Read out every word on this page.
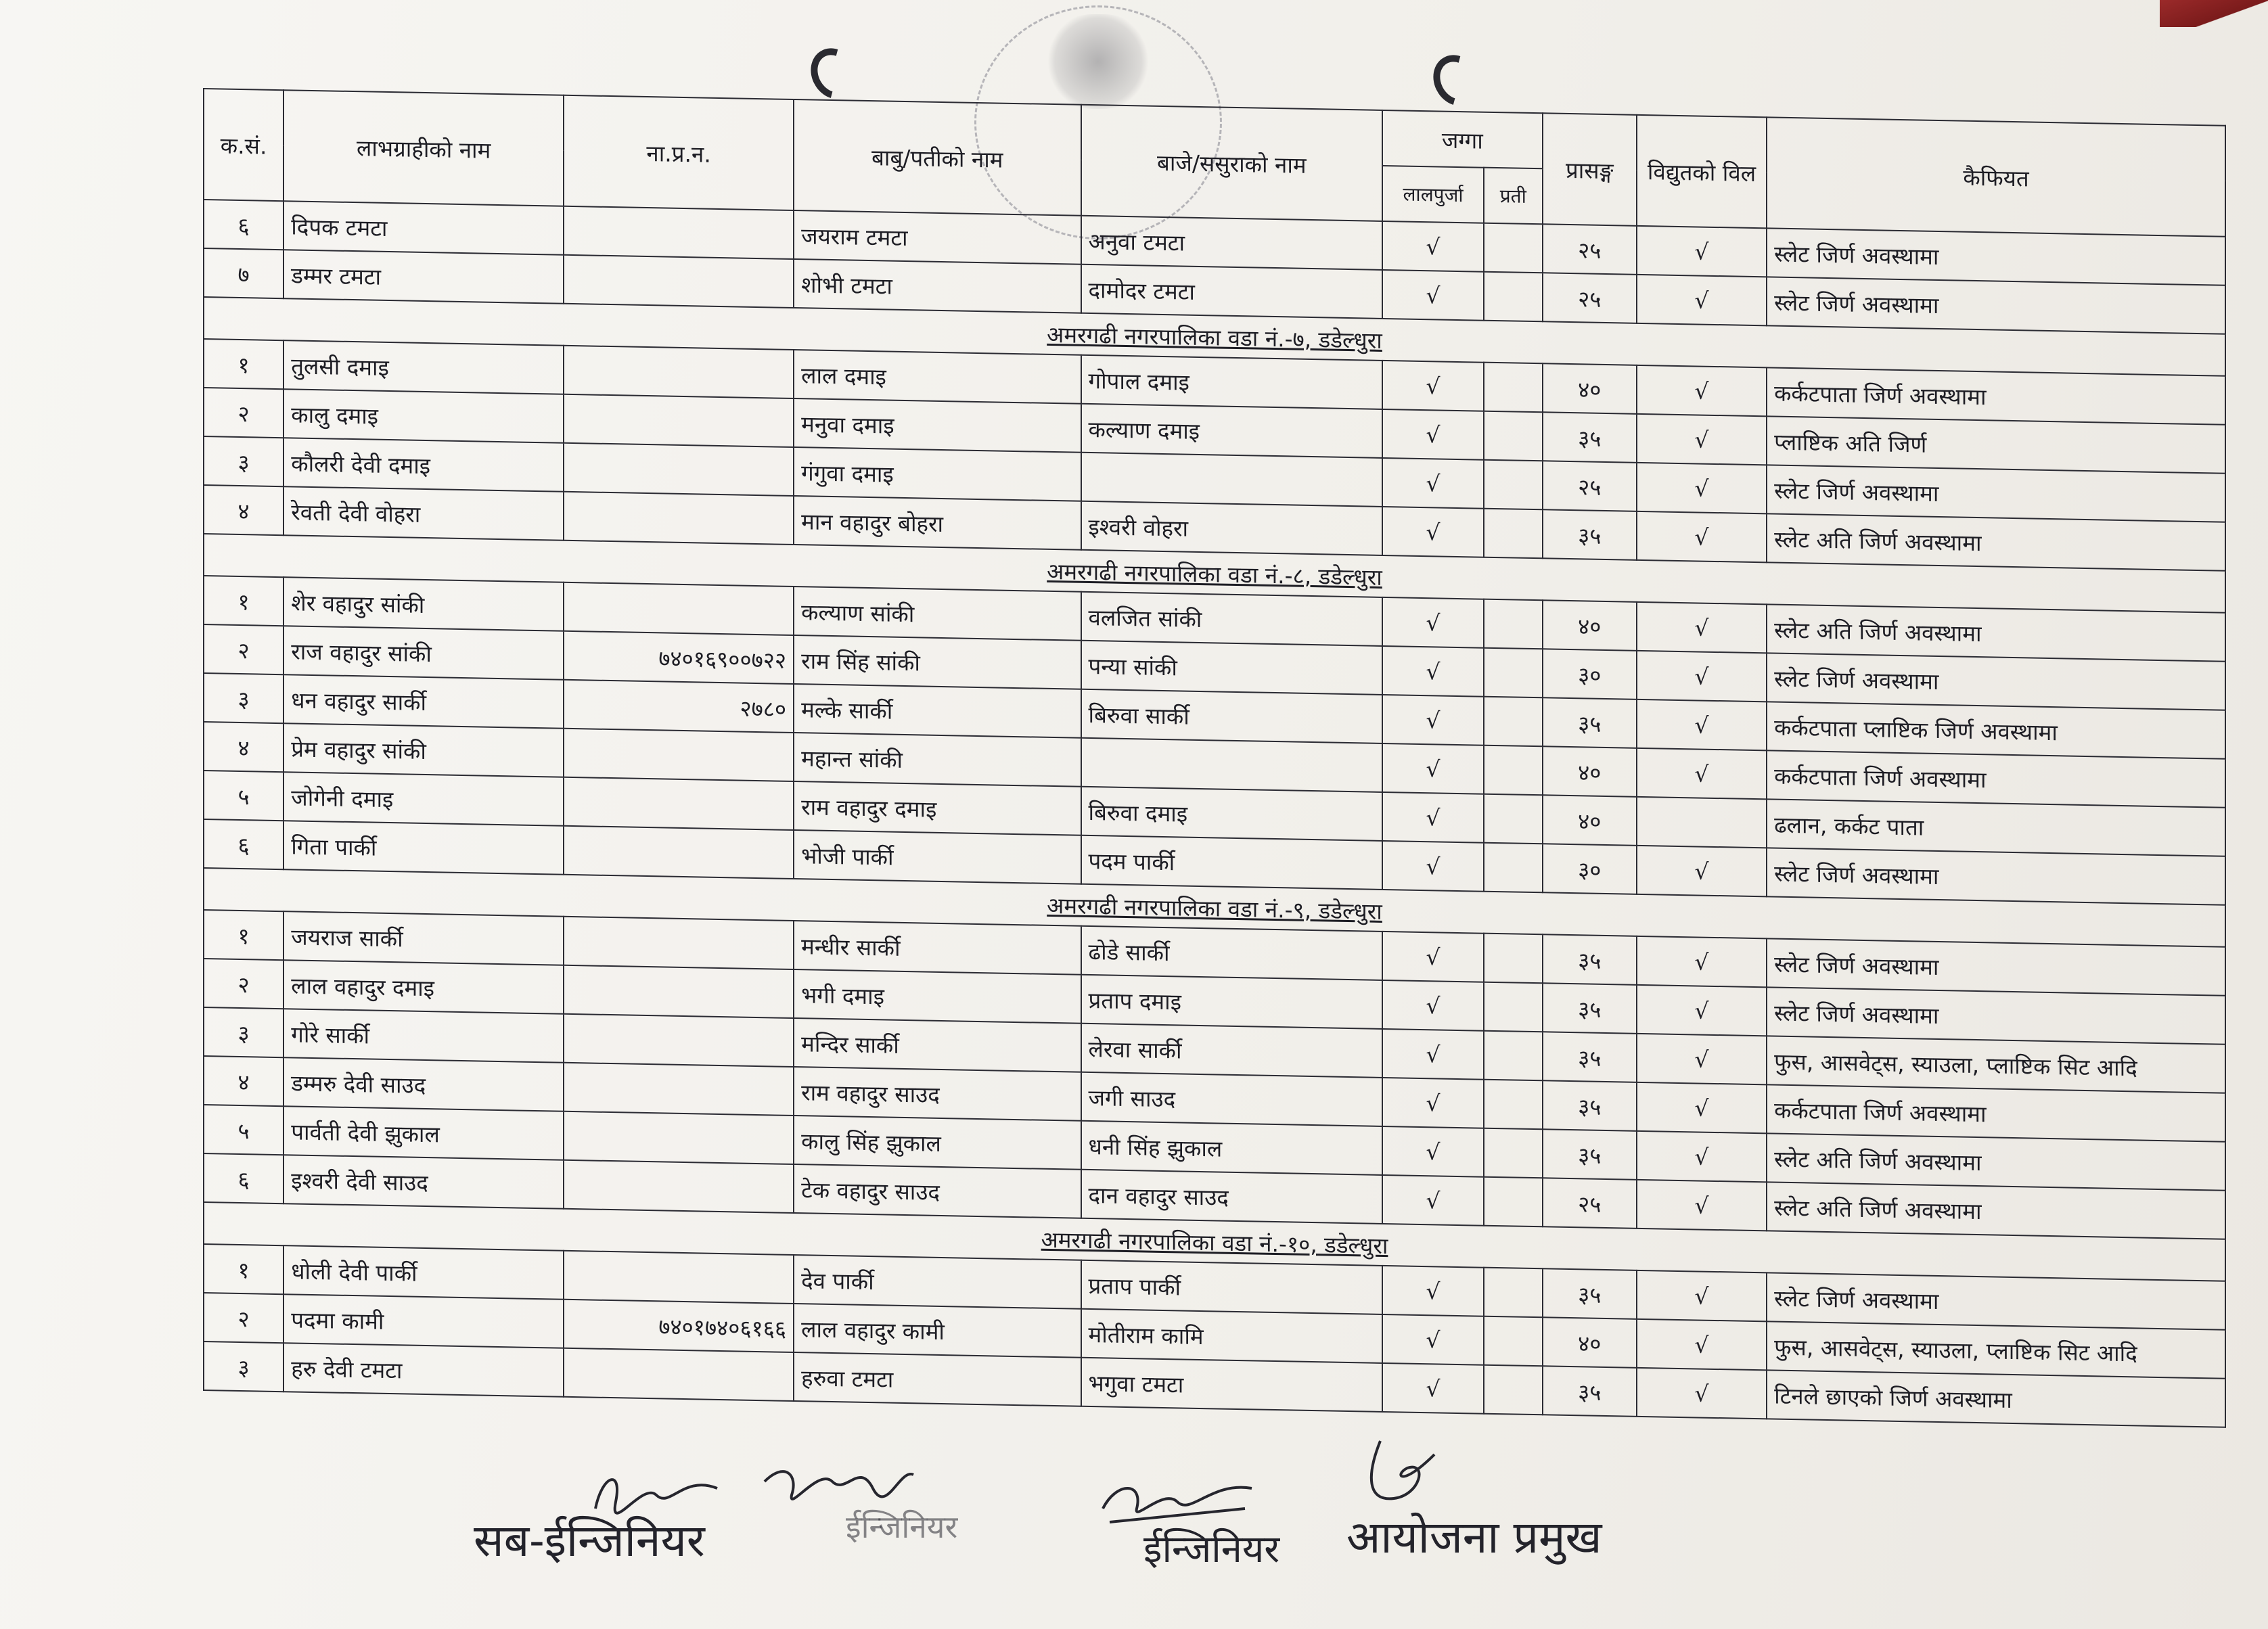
क.सं.	लाभग्राहीको नाम	ना.प्र.न.	बाबु/पतीको नाम	बाजे/ससुराको नाम	जग्गा		प्रासङ्ग	विद्युतको विल	कैफियत
					लालपुर्जा	प्रती			
६	दिपक टमटा		जयराम टमटा	अनुवा टमटा	√		२५	√	स्लेट जिर्ण अवस्थामा
७	डम्मर टमटा		शोभी टमटा	दामोदर टमटा	√		२५	√	स्लेट जिर्ण अवस्थामा
अमरगढी नगरपालिका वडा नं.-७, डडेल्धुरा									
१	तुलसी दमाइ		लाल दमाइ	गोपाल दमाइ	√		४०	√	कर्कटपाता जिर्ण अवस्थामा
२	कालु दमाइ		मनुवा दमाइ	कल्याण दमाइ	√		३५	√	प्लाष्टिक अति जिर्ण
३	कौलरी देवी दमाइ		गंगुवा दमाइ		√		२५	√	स्लेट जिर्ण अवस्थामा
४	रेवती देवी वोहरा		मान वहादुर बोहरा	इश्वरी वोहरा	√		३५	√	स्लेट अति जिर्ण अवस्थामा
अमरगढी नगरपालिका वडा नं.-८, डडेल्धुरा									
१	शेर वहादुर सांकी		कल्याण सांकी	वलजित सांकी	√		४०	√	स्लेट अति जिर्ण अवस्थामा
२	राज वहादुर सांकी	७४०१६९००७२२	राम सिंह सांकी	पन्या सांकी	√		३०	√	स्लेट जिर्ण अवस्थामा
३	धन वहादुर सार्की	२७८०	मल्के सार्की	बिरुवा सार्की	√		३५	√	कर्कटपाता प्लाष्टिक जिर्ण अवस्थामा
४	प्रेम वहादुर सांकी		महान्त सांकी		√		४०	√	कर्कटपाता जिर्ण अवस्थामा
५	जोगेनी दमाइ		राम वहादुर दमाइ	बिरुवा दमाइ	√		४०		ढलान, कर्कट पाता
६	गिता पार्की		भोजी पार्की	पदम पार्की	√		३०	√	स्लेट जिर्ण अवस्थामा
अमरगढी नगरपालिका वडा नं.-९, डडेल्धुरा									
१	जयराज सार्की		मन्धीर सार्की	ढोडे सार्की	√		३५	√	स्लेट जिर्ण अवस्थामा
२	लाल वहादुर दमाइ		भगी दमाइ	प्रताप दमाइ	√		३५	√	स्लेट जिर्ण अवस्थामा
३	गोरे सार्की		मन्दिर सार्की	लेरवा सार्की	√		३५	√	फुस, आसवेट्स, स्याउला, प्लाष्टिक सिट आदि
४	डम्मरु देवी साउद		राम वहादुर साउद	जगी साउद	√		३५	√	कर्कटपाता जिर्ण अवस्थामा
५	पार्वती देवी झुकाल		कालु सिंह झुकाल	धनी सिंह झुकाल	√		३५	√	स्लेट अति जिर्ण अवस्थामा
६	इश्वरी देवी साउद		टेक वहादुर साउद	दान वहादुर साउद	√		२५	√	स्लेट अति जिर्ण अवस्थामा
अमरगढी नगरपालिका वडा नं.-१०, डडेल्धुरा									
१	धोली देवी पार्की		देव पार्की	प्रताप पार्की	√		३५	√	स्लेट जिर्ण अवस्थामा
२	पदमा कामी	७४०१७४०६१६६	लाल वहादुर कामी	मोतीराम कामि	√		४०	√	फुस, आसवेट्स, स्याउला, प्लाष्टिक सिट आदि
३	हरु देवी टमटा		हरुवा टमटा	भगुवा टमटा	√		३५	√	टिनले छाएको जिर्ण अवस्थामा
सब-ईन्जिनियर	ईन्जिनियर
ईन्जिनियर आयोजना प्रमुख
